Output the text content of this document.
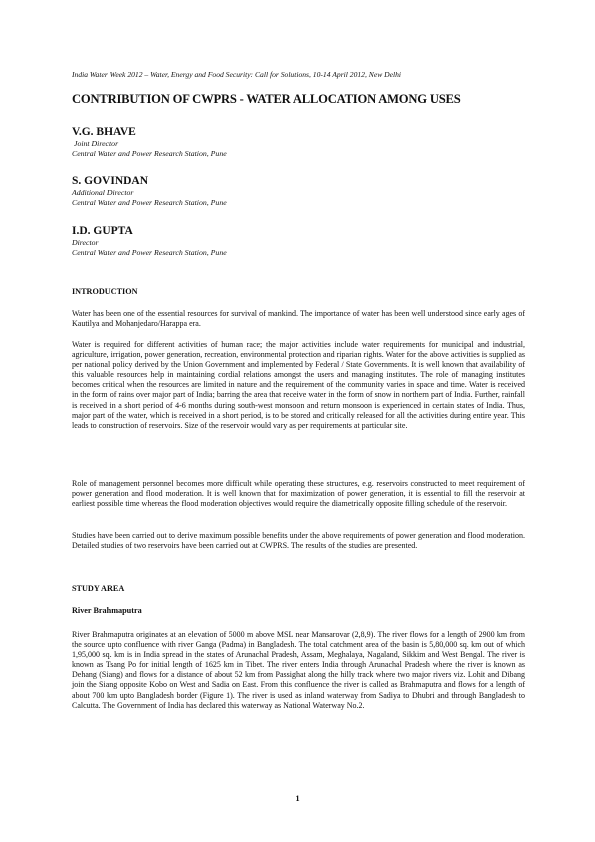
India Water Week 2012 – Water, Energy and Food Security: Call for Solutions, 10-14 April 2012, New Delhi
CONTRIBUTION OF CWPRS - WATER ALLOCATION AMONG USES
V.G. BHAVE
Joint Director
Central Water and Power Research Station, Pune
S. GOVINDAN
Additional Director
Central Water and Power Research Station, Pune
I.D. GUPTA
Director
Central Water and Power Research Station, Pune
INTRODUCTION

Water has been one of the essential resources for survival of mankind. The importance of water has been well understood since early ages of Kautilya and Mohanjedaro/Harappa era.

Water is required for different activities of human race; the major activities include water requirements for municipal and industrial, agriculture, irrigation, power generation, recreation, environmental protection and riparian rights. Water for the above activities is supplied as per national policy derived by the Union Government and implemented by Federal / State Governments. It is well known that availability of this valuable resources help in maintaining cordial relations amongst the users and managing institutes. The role of managing institutes becomes critical when the resources are limited in nature and the requirement of the community varies in space and time. Water is received in the form of rains over major part of India; barring the area that receive water in the form of snow in northern part of India. Further, rainfall is received in a short period of 4-6 months during south-west monsoon and return monsoon is experienced in certain states of India. Thus, major part of the water, which is received in a short period, is to be stored and critically released for all the activities during entire year. This leads to construction of reservoirs. Size of the reservoir would vary as per requirements at particular site.

Role of management personnel becomes more difficult while operating these structures, e.g. reservoirs constructed to meet requirement of power generation and flood moderation. It is well known that for maximization of power generation, it is essential to fill the reservoir at earliest possible time whereas the flood moderation objectives would require the diametrically opposite filling schedule of the reservoir.

Studies have been carried out to derive maximum possible benefits under the above requirements of power generation and flood moderation. Detailed studies of two reservoirs have been carried out at CWPRS. The results of the studies are presented.

STUDY AREA
River Brahmaputra

River Brahmaputra originates at an elevation of 5000 m above MSL near Mansarovar (2,8,9). The river flows for a length of 2900 km from the source upto confluence with river Ganga (Padma) in Bangladesh. The total catchment area of the basin is 5,80,000 sq. km out of which 1,95,000 sq. km is in India spread in the states of Arunachal Pradesh, Assam, Meghalaya, Nagaland, Sikkim and West Bengal. The river is known as Tsang Po for initial length of 1625 km in Tibet. The river enters India through Arunachal Pradesh where the river is known as Dehang (Siang) and flows for a distance of about 52 km from Passighat along the hilly track where two major rivers viz. Lohit and Dibang join the Siang opposite Kobo on West and Sadia on East. From this confluence the river is called as Brahmaputra and flows for a length of about 700 km upto Bangladesh border (Figure 1). The river is used as inland waterway from Sadiya to Dhubri and through Bangladesh to Calcutta. The Government of India has declared this waterway as National Waterway No.2.

1
